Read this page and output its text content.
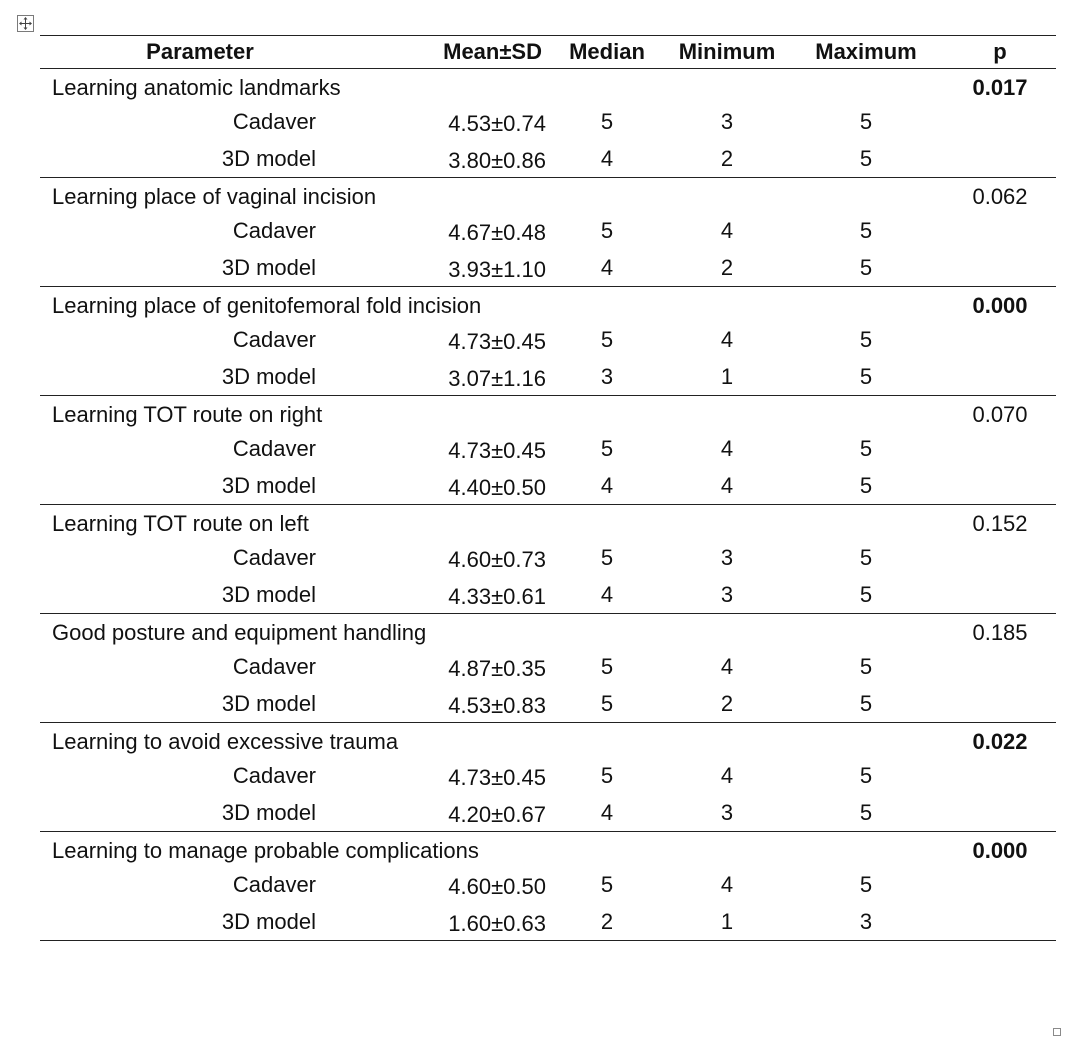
Parameter	Mean±SD	Median	Minimum	Maximum	p
Learning anatomic landmarks					0.017
Cadaver	4.53±0.74	5	3	5	
3D model	3.80±0.86	4	2	5	
Learning place of vaginal incision					0.062
Cadaver	4.67±0.48	5	4	5	
3D model	3.93±1.10	4	2	5	
Learning place of genitofemoral fold incision					0.000
Cadaver	4.73±0.45	5	4	5	
3D model	3.07±1.16	3	1	5	
Learning TOT route on right					0.070
Cadaver	4.73±0.45	5	4	5	
3D model	4.40±0.50	4	4	5	
Learning TOT route on left					0.152
Cadaver	4.60±0.73	5	3	5	
3D model	4.33±0.61	4	3	5	
Good posture and equipment handling					0.185
Cadaver	4.87±0.35	5	4	5	
3D model	4.53±0.83	5	2	5	
Learning to avoid excessive trauma					0.022
Cadaver	4.73±0.45	5	4	5	
3D model	4.20±0.67	4	3	5	
Learning to manage probable complications					0.000
Cadaver	4.60±0.50	5	4	5	
3D model	1.60±0.63	2	1	3	
